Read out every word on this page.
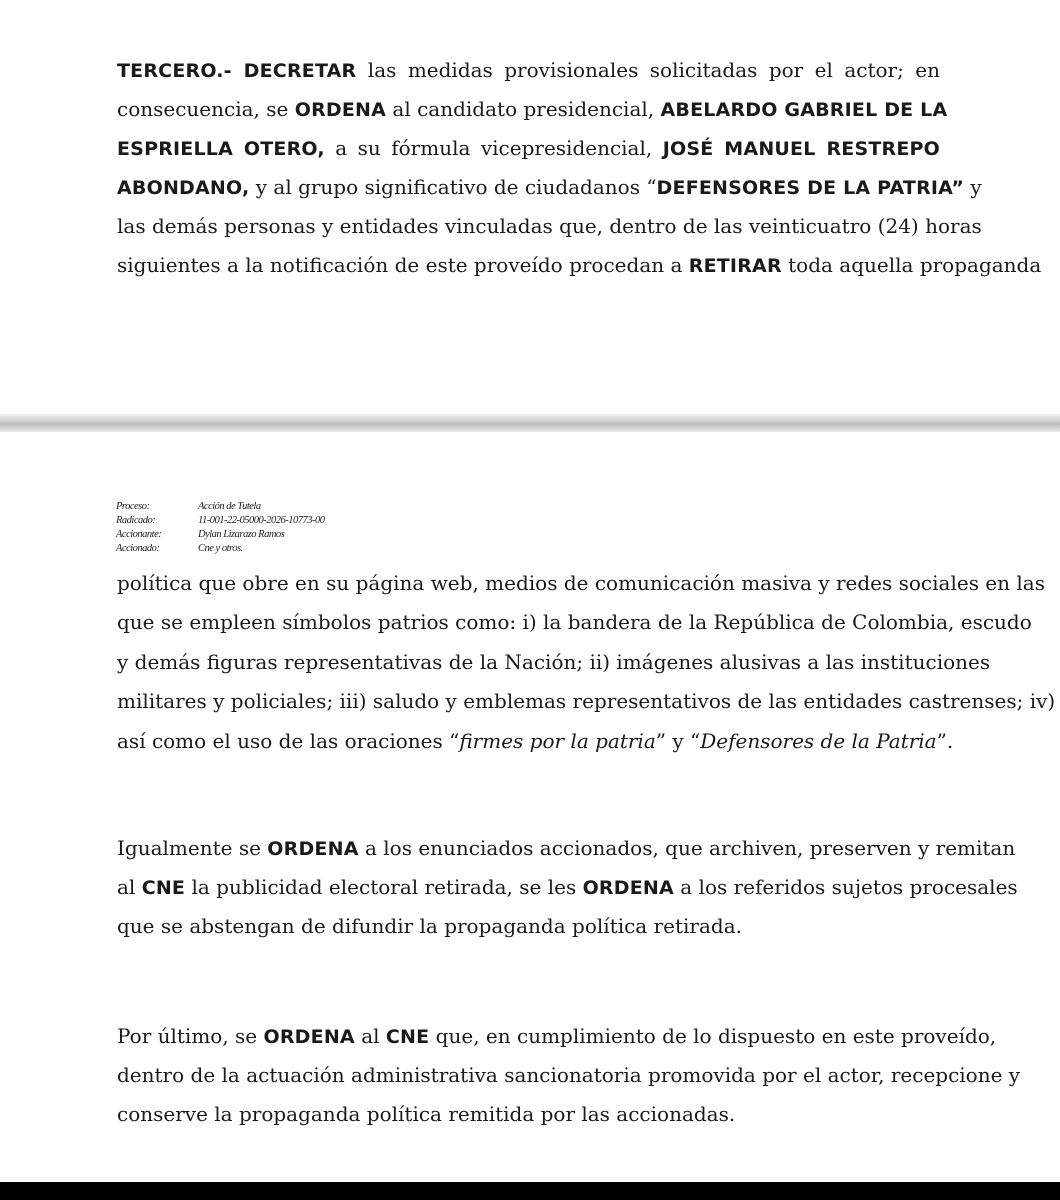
TERCERO.- DECRETAR las medidas provisionales solicitadas por el actor; en
consecuencia, se ORDENA al candidato presidencial, ABELARDO GABRIEL DE LA
ESPRIELLA OTERO, a su fórmula vicepresidencial, JOSÉ MANUEL RESTREPO
ABONDANO, y al grupo significativo de ciudadanos “DEFENSORES DE LA PATRIA” y
las demás personas y entidades vinculadas que, dentro de las veinticuatro (24) horas
siguientes a la notificación de este proveído procedan a RETIRAR toda aquella propaganda

Proceso:	Acción de Tutela
Radicado:	11-001-22-05000-2026-10773-00
Accionante:	Dylan Lizarazo Ramos
Accionado:	Cne y otros.

política que obre en su página web, medios de comunicación masiva y redes sociales en las
que se empleen símbolos patrios como: i) la bandera de la República de Colombia, escudo
y demás figuras representativas de la Nación; ii) imágenes alusivas a las instituciones
militares y policiales; iii) saludo y emblemas representativos de las entidades castrenses; iv)
así como el uso de las oraciones “firmes por la patria” y “Defensores de la Patria”.

Igualmente se ORDENA a los enunciados accionados, que archiven, preserven y remitan
al CNE la publicidad electoral retirada, se les ORDENA a los referidos sujetos procesales
que se abstengan de difundir la propaganda política retirada.

Por último, se ORDENA al CNE que, en cumplimiento de lo dispuesto en este proveído,
dentro de la actuación administrativa sancionatoria promovida por el actor, recepcione y
conserve la propaganda política remitida por las accionadas.
